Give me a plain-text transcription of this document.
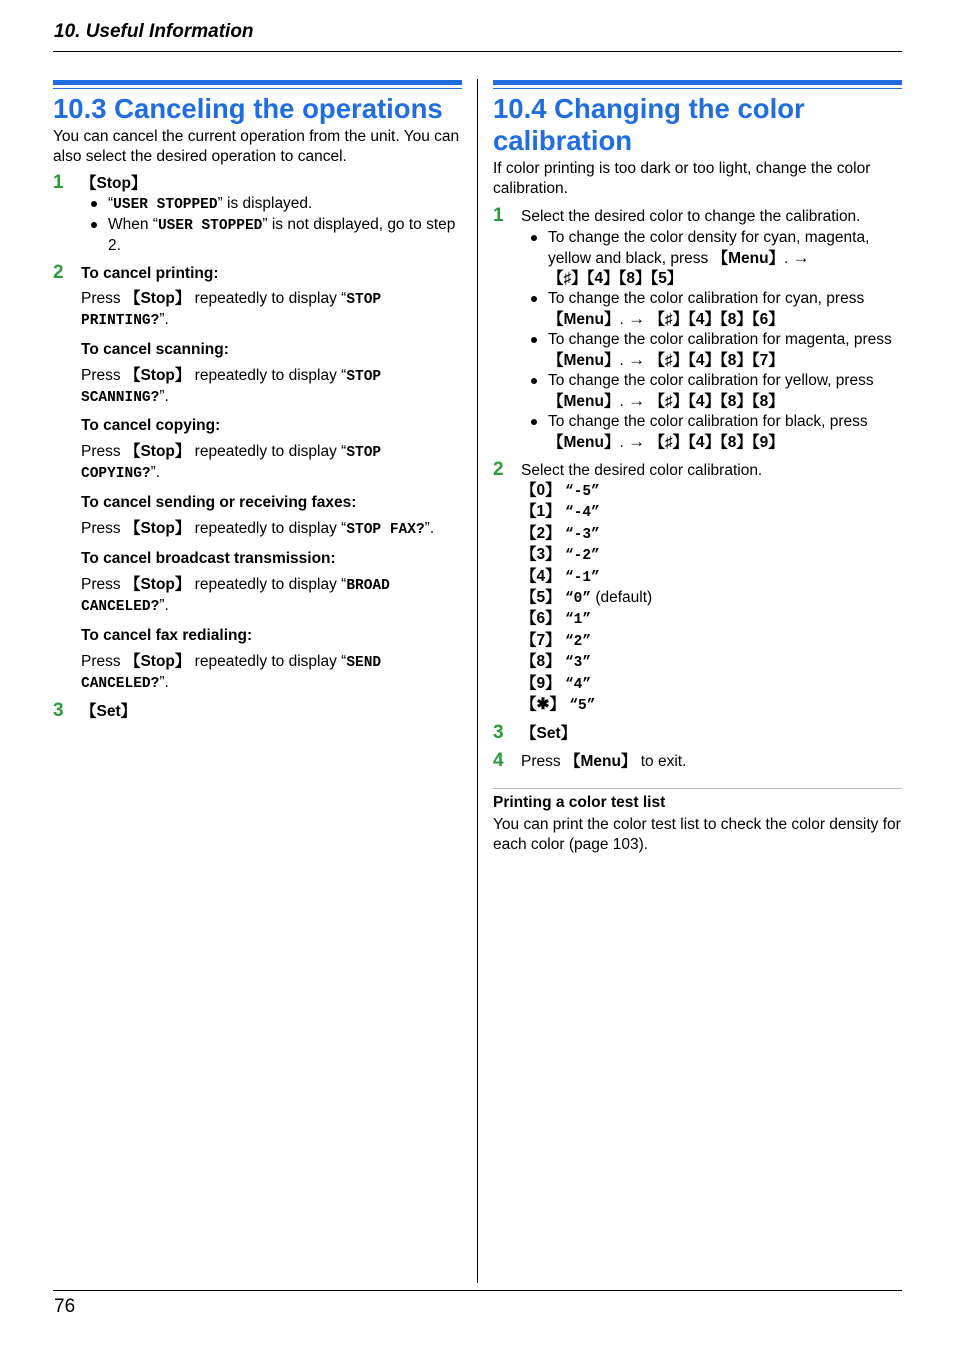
10. Useful Information
10.3 Canceling the operations
You can cancel the current operation from the unit. You can also select the desired operation to cancel.
1 【Stop】
“USER STOPPED” is displayed.
When “USER STOPPED” is not displayed, go to step 2.
2 To cancel printing:
Press 【Stop】 repeatedly to display “STOP PRINTING?”.
To cancel scanning:
Press 【Stop】 repeatedly to display “STOP SCANNING?”.
To cancel copying:
Press 【Stop】 repeatedly to display “STOP COPYING?”.
To cancel sending or receiving faxes:
Press 【Stop】 repeatedly to display “STOP FAX?”.
To cancel broadcast transmission:
Press 【Stop】 repeatedly to display “BROAD CANCELED?”.
To cancel fax redialing:
Press 【Stop】 repeatedly to display “SEND CANCELED?”.
3 【Set】
10.4 Changing the color calibration
If color printing is too dark or too light, change the color calibration.
1 Select the desired color to change the calibration.
To change the color density for cyan, magenta, yellow and black, press 【Menu】. → 【♯】【4】【8】【5】
To change the color calibration for cyan, press 【Menu】. → 【♯】【4】【8】【6】
To change the color calibration for magenta, press 【Menu】. → 【♯】【4】【8】【7】
To change the color calibration for yellow, press 【Menu】. → 【♯】【4】【8】【8】
To change the color calibration for black, press 【Menu】. → 【♯】【4】【8】【9】
2 Select the desired color calibration.
【0】 “-5”
【1】 “-4”
【2】 “-3”
【3】 “-2”
【4】 “-1”
【5】 “0” (default)
【6】 “1”
【7】 “2”
【8】 “3”
【9】 “4”
【✱】 “5”
3 【Set】
4 Press 【Menu】 to exit.
Printing a color test list
You can print the color test list to check the color density for each color (page 103).
76
